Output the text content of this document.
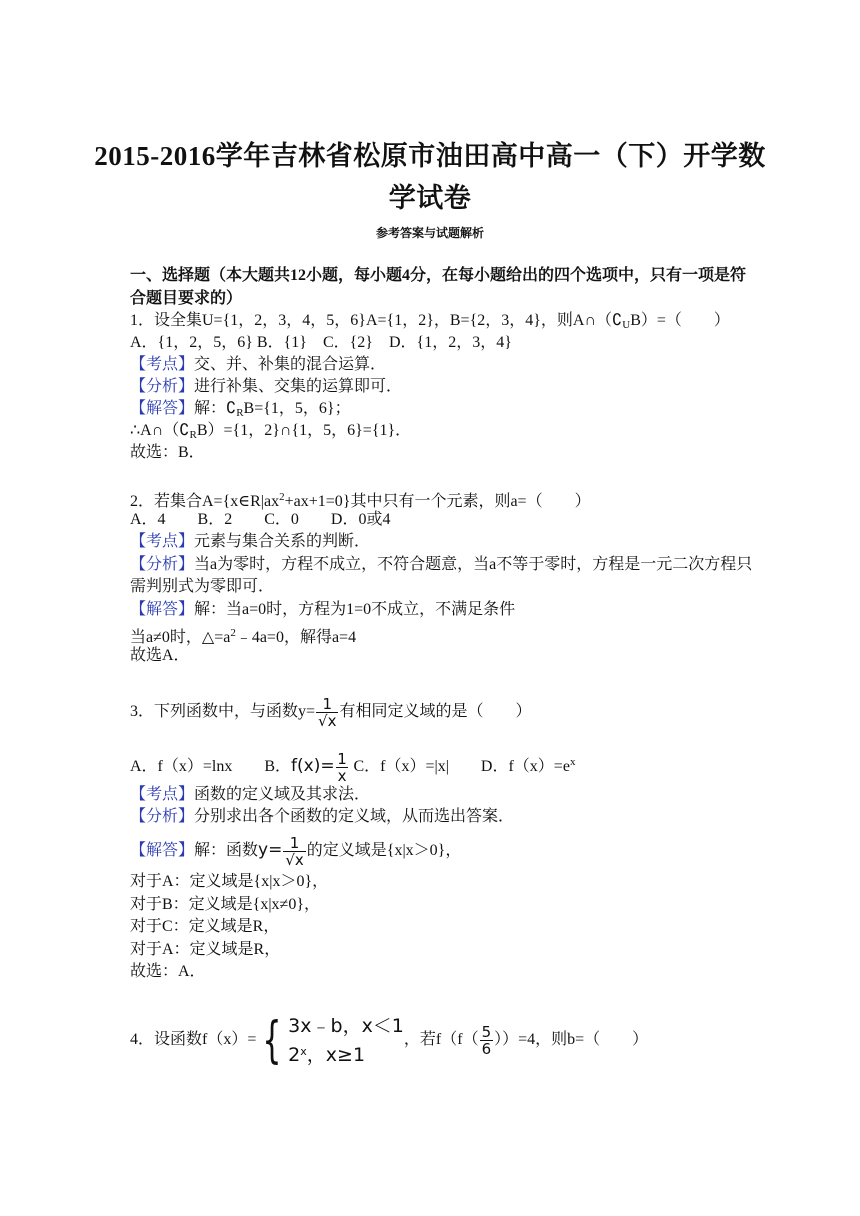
2015-2016学年吉林省松原市油田高中高一（下）开学数
学试卷
参考答案与试题解析
一、选择题（本大题共12小题，每小题4分，在每小题给出的四个选项中，只有一项是符
合题目要求的）
1．设全集U={1，2，3，4，5，6}A={1，2}，B={2，3，4}，则$A\cap(∁_UB)=$（　　）
A．{1，2，5，6} B．{1}　C．{2}　D．{1，2，3，4}
【考点】交、并、补集的混合运算．
【分析】进行补集、交集的运算即可．
【解答】解：$∁_RB=\{1$，5，6}；
$\therefore A\cap(∁_RB)=\{1$，2}∩{1，5，6}={1}．
故选：B．
2．若集合$A=\{x\in R|ax^2+ax+1=0\}$其中只有一个元素，则a=（　　）
A．4　　B．2　　C．0　　D．0或4
【考点】元素与集合关系的判断．
【分析】当a为零时，方程不成立，不符合题意，当a不等于零时，方程是一元二次方程只
需判别式为零即可．
【解答】解：当a=0时，方程为1=0不成立，不满足条件
当a≠0时，$\triangle=a^2﹣4a=0$，解得a=4
故选A．
3．下列函数中，与函数$y= \frac{1}{√x}$ 有相同定义域的是（　　）
A．f（x）=lnx　　B．$f(x)= \frac{1}{x}$ C．f（x）=|x|　　D．$f(x)=e^x$
【考点】函数的定义域及其求法．
【分析】分别求出各个函数的定义域，从而选出答案．
【解答】解：函数$y= \frac{1}{√x}$ 的定义域是{x|x＞0}，
对于A：定义域是{x|x＞0}，
对于B：定义域是{x|x≠0}，
对于C：定义域是R，
对于A：定义域是R，
故选：A．
4．设函数f（x）= { 3x﹣b，x＜1
2$^x$，x≥1
，若$f(f( \frac{5}{6} ))=4$，则b=（　　）
